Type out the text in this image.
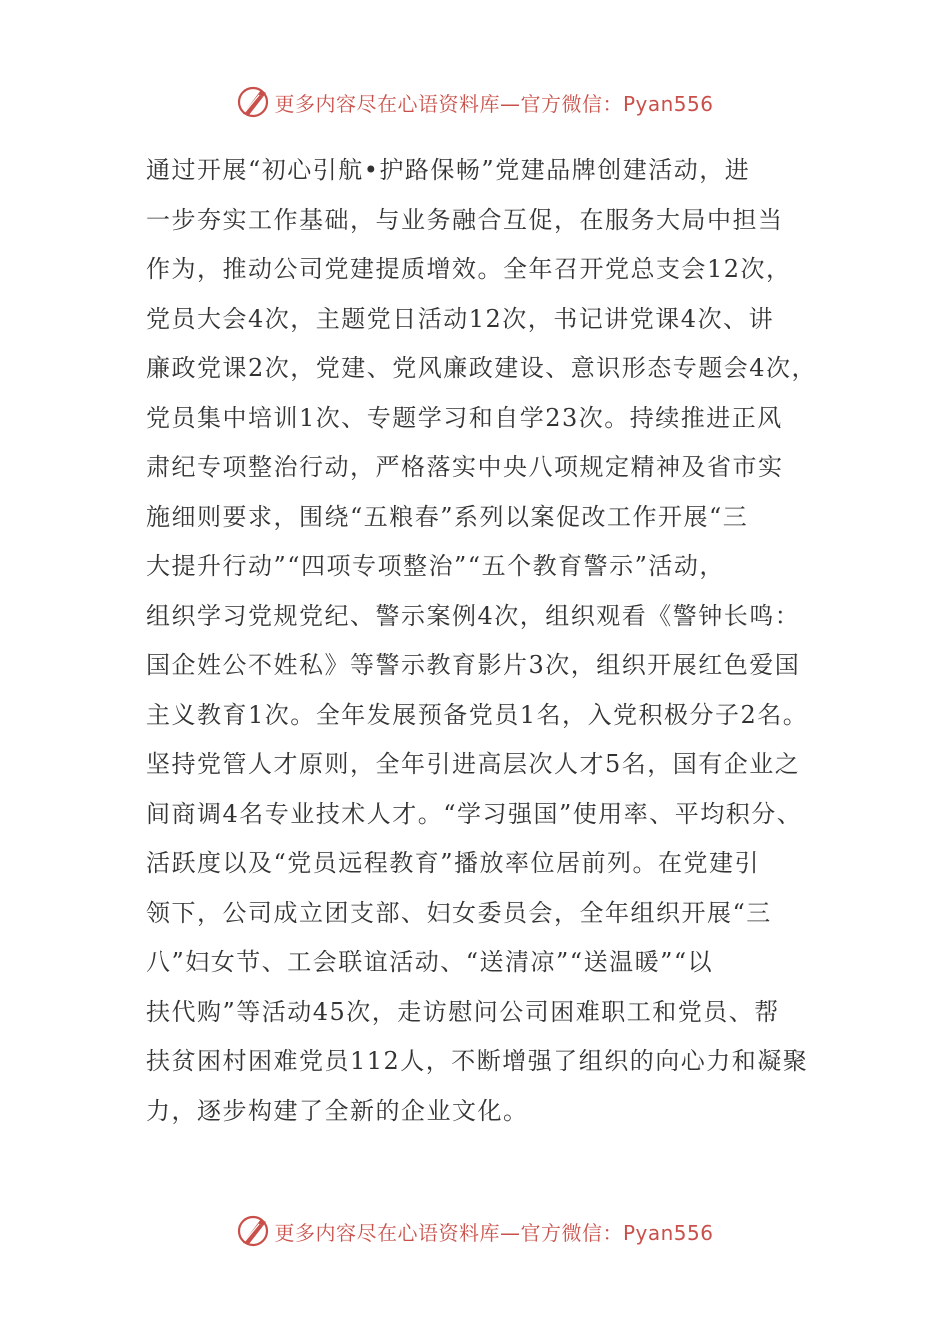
更多内容尽在心语资料库—官方微信：Pyan556
通过开展“初心引航•护路保畅”党建品牌创建活动，进
一步夯实工作基础，与业务融合互促，在服务大局中担当
作为，推动公司党建提质增效。全年召开党总支会12次，
党员大会4次，主题党日活动12次，书记讲党课4次、讲
廉政党课2次，党建、党风廉政建设、意识形态专题会4次，
党员集中培训1次、专题学习和自学23次。持续推进正风
肃纪专项整治行动，严格落实中央八项规定精神及省市实
施细则要求，围绕“五粮春”系列以案促改工作开展“三
大提升行动”“四项专项整治”“五个教育警示”活动，
组织学习党规党纪、警示案例4次，组织观看《警钟长鸣：
国企姓公不姓私》等警示教育影片3次，组织开展红色爱国
主义教育1次。全年发展预备党员1名，入党积极分子2名。
坚持党管人才原则，全年引进高层次人才5名，国有企业之
间商调4名专业技术人才。“学习强国”使用率、平均积分、
活跃度以及“党员远程教育”播放率位居前列。在党建引
领下，公司成立团支部、妇女委员会，全年组织开展“三
八”妇女节、工会联谊活动、“送清凉”“送温暖”“以
扶代购”等活动45次，走访慰问公司困难职工和党员、帮
扶贫困村困难党员112人，不断增强了组织的向心力和凝聚
力，逐步构建了全新的企业文化。
更多内容尽在心语资料库—官方微信：Pyan556
